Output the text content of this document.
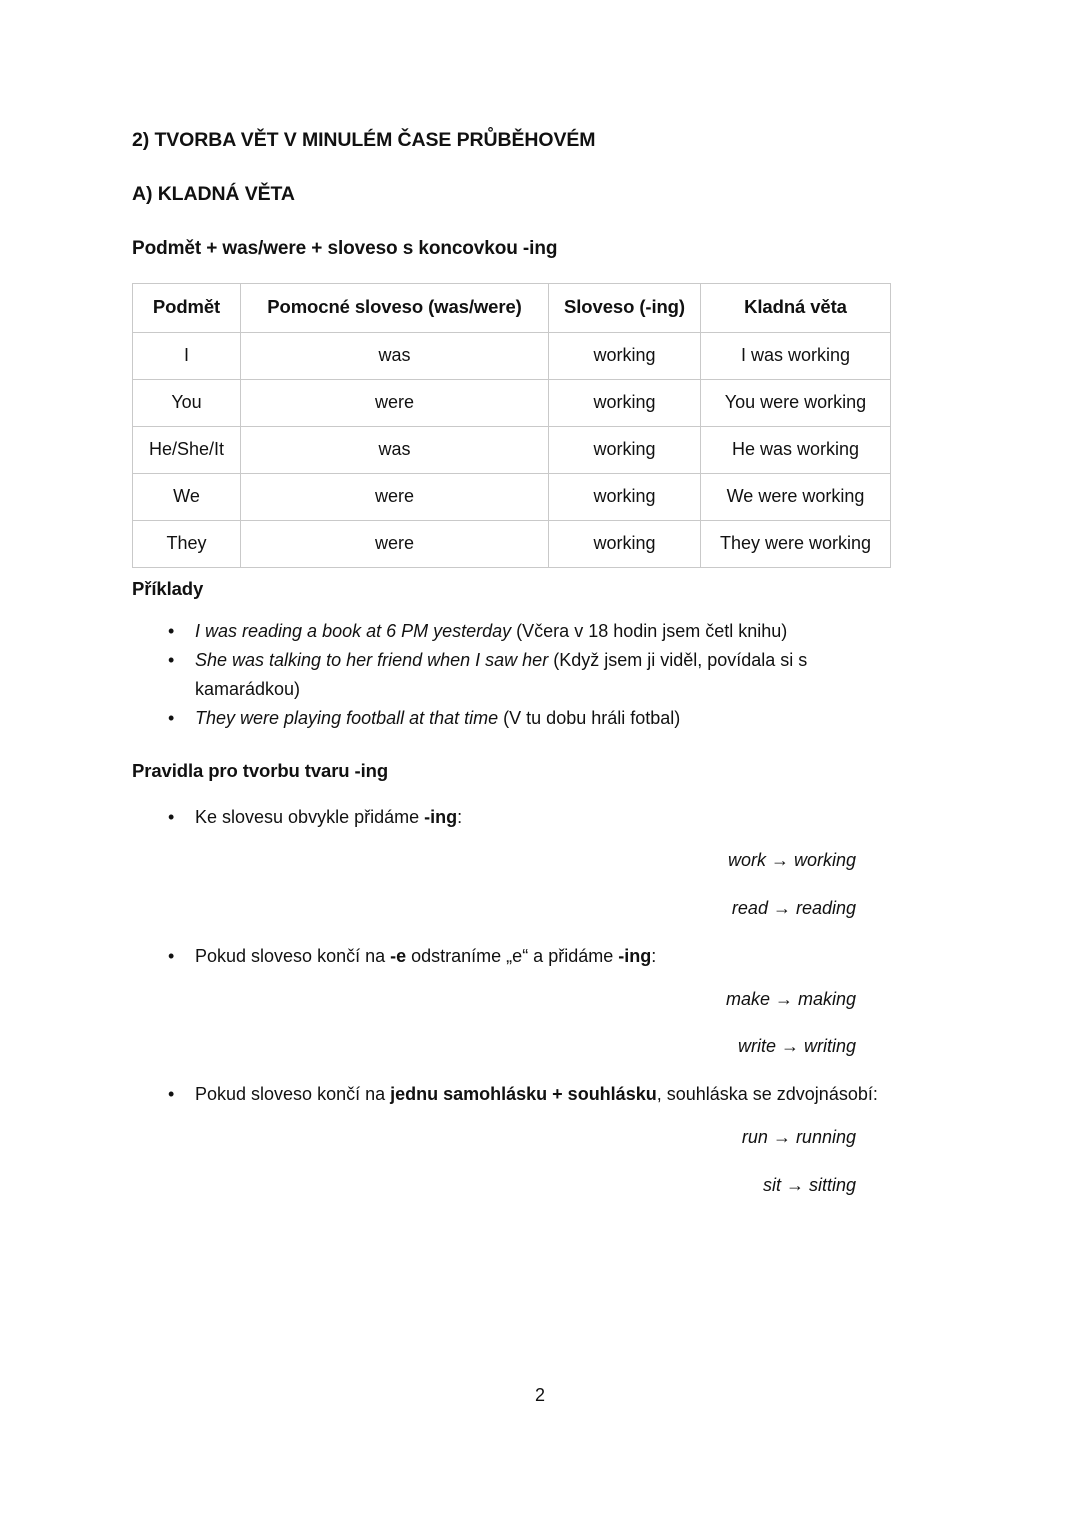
2) TVORBA VĚT V MINULÉM ČASE PRŮBĚHOVÉM
A) KLADNÁ VĚTA
Podmět + was/were + sloveso s koncovkou -ing
Podmět	Pomocné sloveso (was/were)	Sloveso (-ing)	Kladná věta
I	was	working	I was working
You	were	working	You were working
He/She/It	was	working	He was working
We	were	working	We were working
They	were	working	They were working
Příklady
• I was reading a book at 6 PM yesterday (Včera v 18 hodin jsem četl knihu)
• She was talking to her friend when I saw her (Když jsem ji viděl, povídala si s kamarádkou)
• They were playing football at that time (V tu dobu hráli fotbal)
Pravidla pro tvorbu tvaru -ing
• Ke slovesu obvykle přidáme -ing:
work → working
read → reading
• Pokud sloveso končí na -e odstraníme „e“ a přidáme -ing:
make → making
write → writing
• Pokud sloveso končí na jednu samohlásku + souhlásku, souhláska se zdvojnásobí:
run → running
sit → sitting
2
